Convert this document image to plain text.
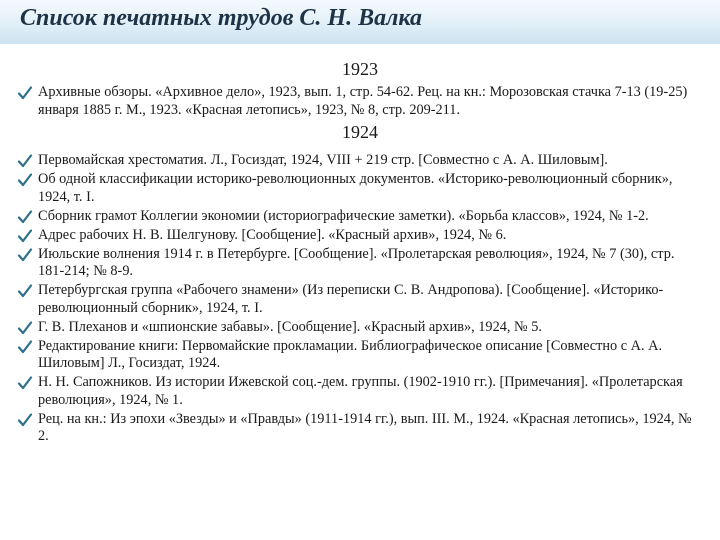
Список печатных трудов С. Н. Валка
1923
Архивные обзоры. «Архивное дело», 1923, вып. 1, стр. 54-62. Рец. на кн.: Морозовская стачка 7-13 (19-25) января 1885 г. М., 1923. «Красная летопись», 1923, № 8, стр. 209-211.
1924
Первомайская хрестоматия. Л., Госиздат, 1924, VIII + 219 стр. [Совместно с А. А. Шиловым].
Об одной классификации историко-революционных документов. «Историко-революционный сборник», 1924, т. I.
Сборник грамот Коллегии экономии (историографические заметки). «Борьба классов», 1924, № 1-2.
Адрес рабочих Н. В. Шелгунову. [Сообщение]. «Красный архив», 1924, № 6.
Июльские волнения 1914 г. в Петербурге. [Сообщение]. «Пролетарская революция», 1924, № 7 (30), стр. 181-214; № 8-9.
Петербургская группа «Рабочего знамени» (Из переписки С. В. Андропова). [Сообщение]. «Историко-революционный сборник», 1924, т. I.
Г. В. Плеханов и «шпионские забавы». [Сообщение]. «Красный архив», 1924, № 5.
Редактирование книги: Первомайские прокламации. Библиографическое описание [Совместно с А. А. Шиловым] Л., Госиздат, 1924.
Н. Н. Сапожников. Из истории Ижевской соц.-дем. группы. (1902-1910 гг.). [Примечания]. «Пролетарская революция», 1924, № 1.
Рец. на кн.: Из эпохи «Звезды» и «Правды» (1911-1914 гг.), вып. III. М., 1924. «Красная летопись», 1924, № 2.
